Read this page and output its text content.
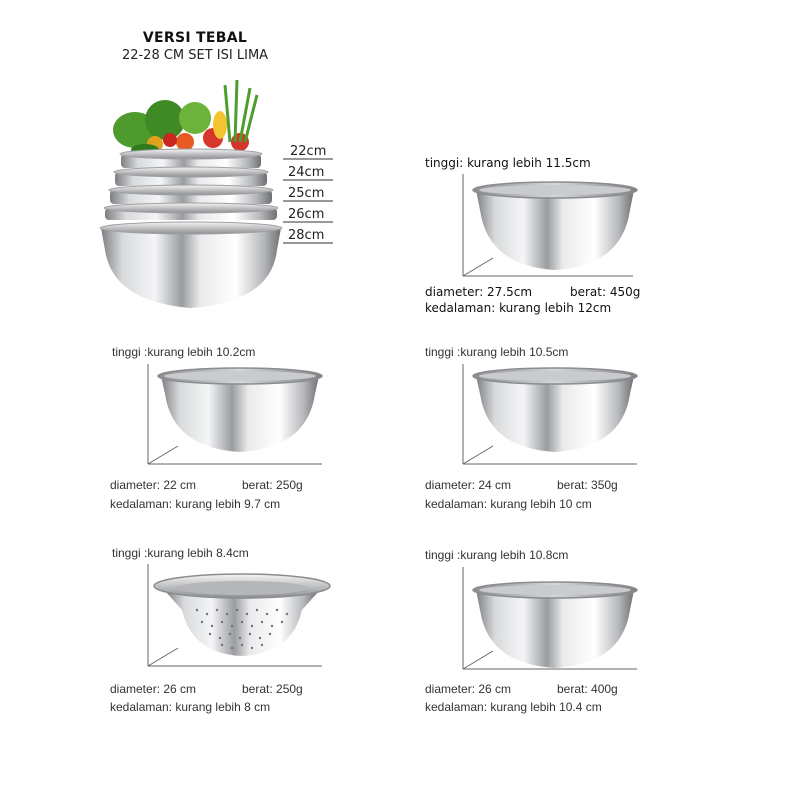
VERSI TEBAL
22-28 CM SET ISI LIMA
22cm
24cm
25cm
26cm
28cm
tinggi: kurang lebih 11.5cm
diameter: 27.5cm	berat: 450g
kedalaman: kurang lebih 12cm
tinggi :kurang lebih 10.2cm
diameter: 22 cm	berat: 250g
kedalaman: kurang lebih 9.7 cm
tinggi :kurang lebih 10.5cm
diameter: 24 cm	berat: 350g
kedalaman: kurang lebih 10 cm
tinggi :kurang lebih 8.4cm
diameter: 26 cm	berat: 250g
kedalaman: kurang lebih 8 cm
tinggi :kurang lebih 10.8cm
diameter: 26 cm	berat: 400g
kedalaman: kurang lebih 10.4 cm
